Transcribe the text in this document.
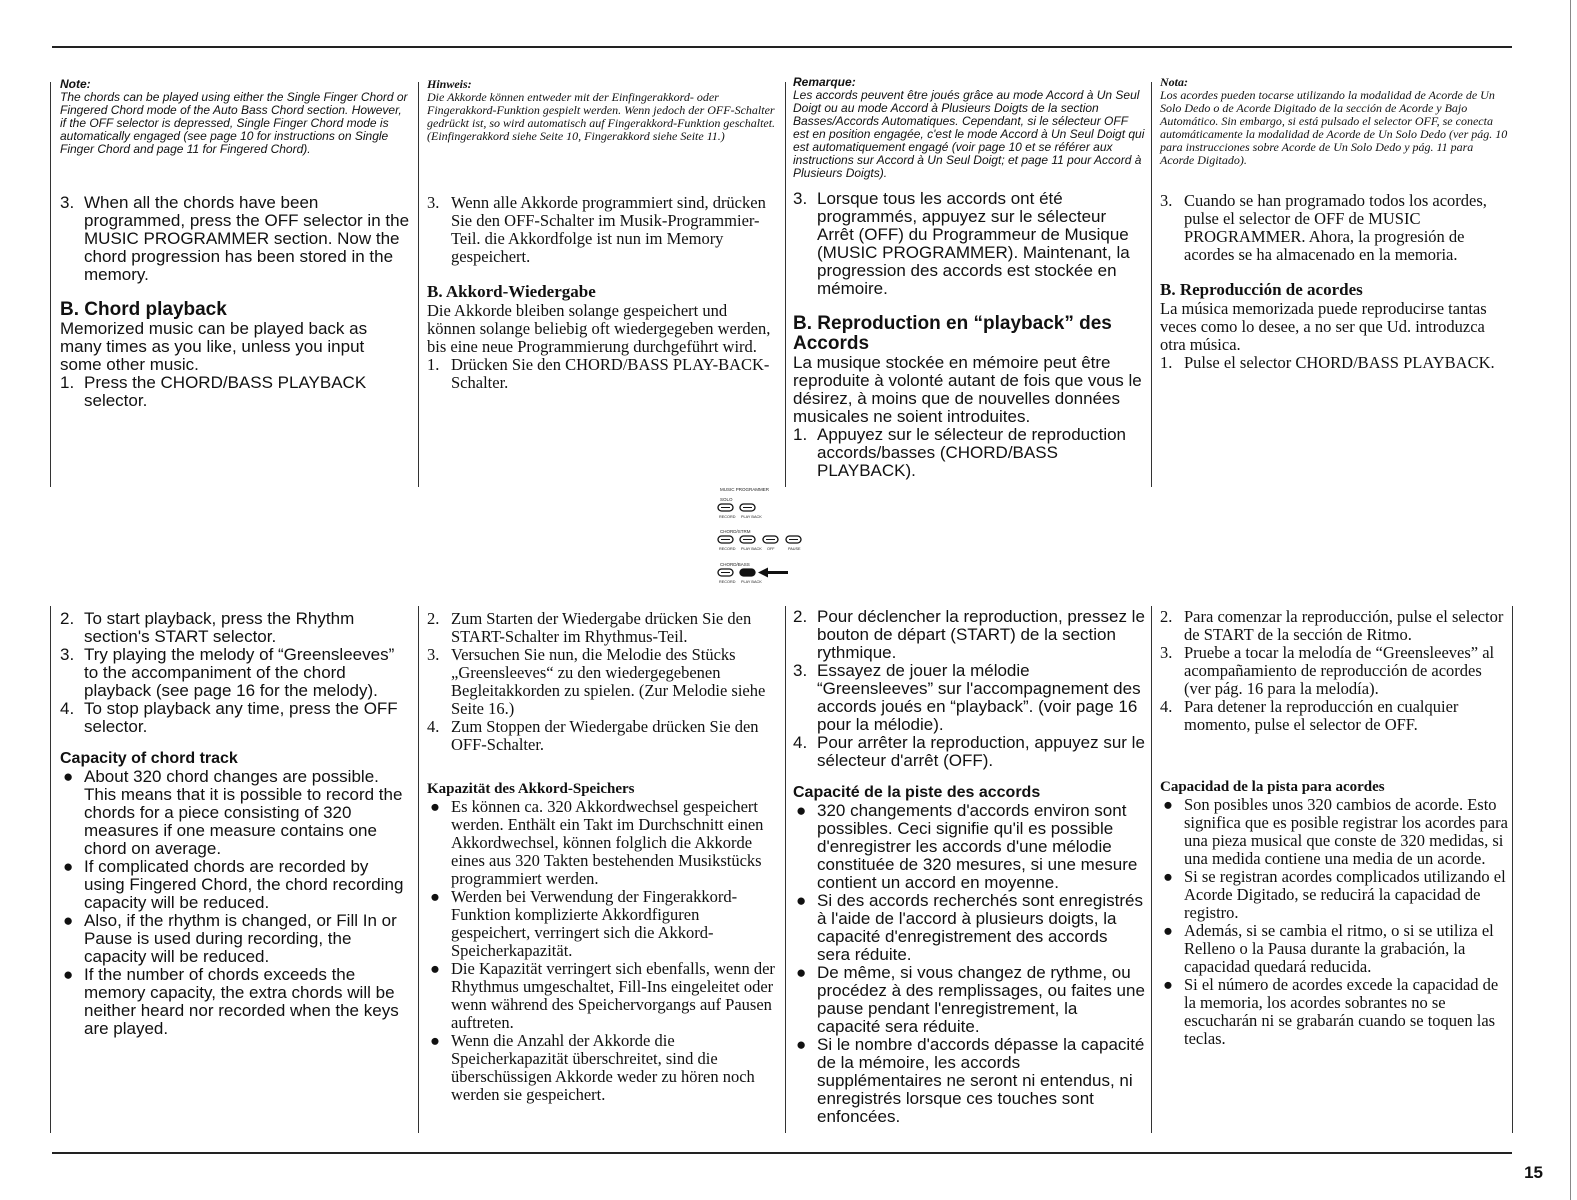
Note:
The chords can be played using either the Single Finger Chord or Fingered Chord mode of the Auto Bass Chord section. However, if the OFF selector is depressed, Single Finger Chord mode is automatically engaged (see page 10 for instructions on Single Finger Chord and page 11 for Fingered Chord).
3. When all the chords have been programmed, press the OFF selector in the MUSIC PROGRAMMER section. Now the chord progression has been stored in the memory.
B. Chord playback

Memorized music can be played back as many times as you like, unless you input some other music.

1. Press the CHORD/BASS PLAYBACK selector.
Hinweis:
Die Akkorde können entweder mit der Einfingerakkord- oder Fingerakkord-Funktion gespielt werden. Wenn jedoch der OFF-Schalter gedrückt ist, so wird automatisch auf Fingerakkord-Funktion geschaltet. (Einfingerakkord siehe Seite 10, Fingerakkord siehe Seite 11.)
3. Wenn alle Akkorde programmiert sind, drücken Sie den OFF-Schalter im Musik-Programmier-Teil. die Akkordfolge ist nun im Memory gespeichert.
B. Akkord-Wiedergabe

Die Akkorde bleiben solange gespeichert und können solange beliebig oft wiedergegeben werden, bis eine neue Programmierung durchgeführt wird.

1. Drücken Sie den CHORD/BASS PLAY-BACK-Schalter.
Remarque:
Les accords peuvent être joués grâce au mode Accord à Un Seul Doigt ou au mode Accord à Plusieurs Doigts de la section Basses/Accords Automatiques. Cependant, si le sélecteur OFF est en position engagée, c'est le mode Accord à Un Seul Doigt qui est automatiquement engagé (voir page 10 et se référer aux instructions sur Accord à Un Seul Doigt; et page 11 pour Accord à Plusieurs Doigts).
3. Lorsque tous les accords ont été programmés, appuyez sur le sélecteur Arrêt (OFF) du Programmeur de Musique (MUSIC PROGRAMMER). Maintenant, la progression des accords est stockée en mémoire.
B. Reproduction en “playback” des Accords

La musique stockée en mémoire peut être reproduite à volonté autant de fois que vous le désirez, à moins que de nouvelles données musicales ne soient introduites.

1. Appuyez sur le sélecteur de reproduction accords/basses (CHORD/BASS PLAYBACK).
Nota:
Los acordes pueden tocarse utilizando la modalidad de Acorde de Un Solo Dedo o de Acorde Digitado de la sección de Acorde y Bajo Automático. Sin embargo, si está pulsado el selector OFF, se conecta automáticamente la modalidad de Acorde de Un Solo Dedo (ver pág. 10 para instrucciones sobre Acorde de Un Solo Dedo y pág. 11 para Acorde Digitado).
3. Cuando se han programado todos los acordes, pulse el selector de OFF de MUSIC PROGRAMMER. Ahora, la progresión de acordes se ha almacenado en la memoria.
B. Reproducción de acordes

La música memorizada puede reproducirse tantas veces como lo desee, a no ser que Ud. introduzca otra música.

1. Pulse el selector CHORD/BASS PLAYBACK.
MUSIC PROGRAMMER
SOLO
RECORD PLAY BACK
CHORD/STRM
RECORD PLAY BACK OFF	PAUSE
CHORD/BASS
RECORD PLAY BACK
2. To start playback, press the Rhythm section's START selector.
3. Try playing the melody of “Greensleeves” to the accompaniment of the chord playback (see page 16 for the melody).
4. To stop playback any time, press the OFF selector.
Capacity of chord track
● About 320 chord changes are possible. This means that it is possible to record the chords for a piece consisting of 320 measures if one measure contains one chord on average.
● If complicated chords are recorded by using Fingered Chord, the chord recording capacity will be reduced.
● Also, if the rhythm is changed, or Fill In or Pause is used during recording, the capacity will be reduced.
● If the number of chords exceeds the memory capacity, the extra chords will be neither heard nor recorded when the keys are played.
2. Zum Starten der Wiedergabe drücken Sie den START-Schalter im Rhythmus-Teil.
3. Versuchen Sie nun, die Melodie des Stücks „Greensleeves“ zu den wiedergegebenen Begleitakkorden zu spielen. (Zur Melodie siehe Seite 16.)
4. Zum Stoppen der Wiedergabe drücken Sie den OFF-Schalter.
Kapazität des Akkord-Speichers
● Es können ca. 320 Akkordwechsel gespeichert werden. Enthält ein Takt im Durchschnitt einen Akkordwechsel, können folglich die Akkorde eines aus 320 Takten bestehenden Musikstücks programmiert werden.
● Werden bei Verwendung der Fingerakkord-Funktion komplizierte Akkordfiguren gespeichert, verringert sich die Akkord-Speicherkapazität.
● Die Kapazität verringert sich ebenfalls, wenn der Rhythmus umgeschaltet, Fill-Ins eingeleitet oder wenn während des Speichervorgangs auf Pausen auftreten.
● Wenn die Anzahl der Akkorde die Speicherkapazität überschreitet, sind die überschüssigen Akkorde weder zu hören noch werden sie gespeichert.
2. Pour déclencher la reproduction, pressez le bouton de départ (START) de la section rythmique.
3. Essayez de jouer la mélodie “Greensleeves” sur l'accompagnement des accords joués en “playback”. (voir page 16 pour la mélodie).
4. Pour arrêter la reproduction, appuyez sur le sélecteur d'arrêt (OFF).
Capacité de la piste des accords
● 320 changements d'accords environ sont possibles. Ceci signifie qu'il es possible d'enregistrer les accords d'une mélodie constituée de 320 mesures, si une mesure contient un accord en moyenne.
● Si des accords recherchés sont enregistrés à l'aide de l'accord à plusieurs doigts, la capacité d'enregistrement des accords sera réduite.
● De même, si vous changez de rythme, ou procédez à des remplissages, ou faites une pause pendant l'enregistrement, la capacité sera réduite.
● Si le nombre d'accords dépasse la capacité de la mémoire, les accords supplémentaires ne seront ni entendus, ni enregistrés lorsque ces touches sont enfoncées.
2. Para comenzar la reproducción, pulse el selector de START de la sección de Ritmo.
3. Pruebe a tocar la melodía de “Greensleeves” al acompañamiento de reproducción de acordes (ver pág. 16 para la melodía).
4. Para detener la reproducción en cualquier momento, pulse el selector de OFF.
Capacidad de la pista para acordes
● Son posibles unos 320 cambios de acorde. Esto significa que es posible registrar los acordes para una pieza musical que conste de 320 medidas, si una medida contiene una media de un acorde.
● Si se registran acordes complicados utilizando el Acorde Digitado, se reducirá la capacidad de registro.
● Además, si se cambia el ritmo, o si se utiliza el Relleno o la Pausa durante la grabación, la capacidad quedará reducida.
● Si el número de acordes excede la capacidad de la memoria, los acordes sobrantes no se escucharán ni se grabarán cuando se toquen las teclas.
15
